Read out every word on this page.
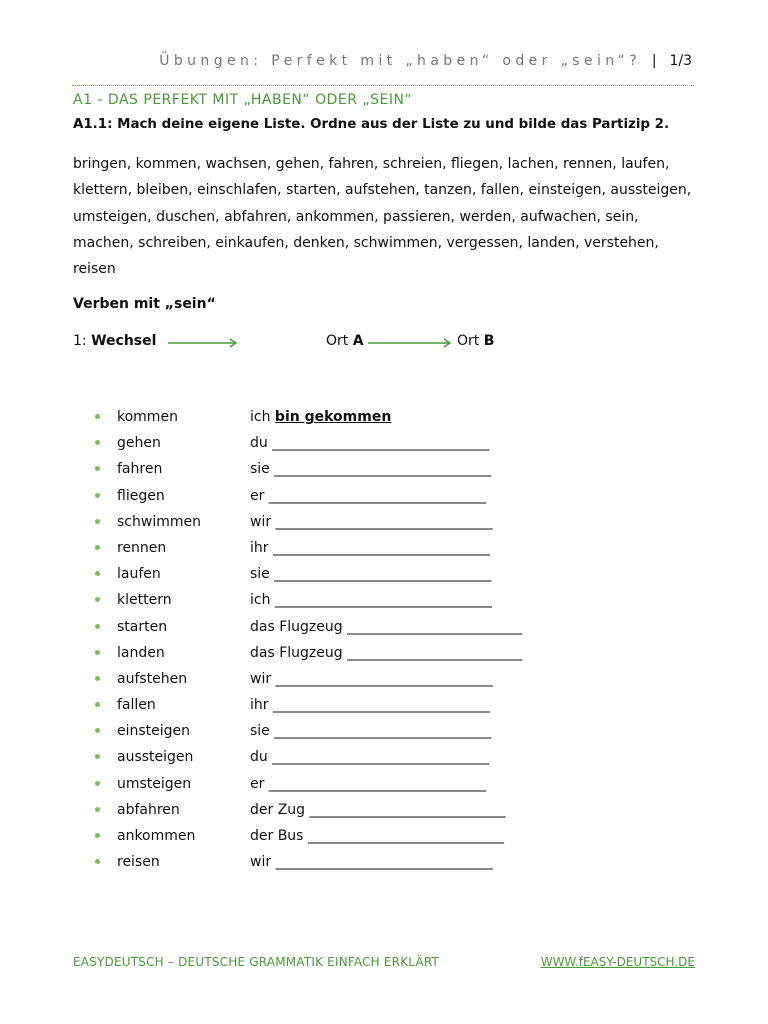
Übungen: Perfekt mit „haben“ oder „sein“? | 1/3
A1 - DAS PERFEKT MIT „HABEN“ ODER „SEIN“
A1.1: Mach deine eigene Liste. Ordne aus der Liste zu und bilde das Partizip 2.
bringen, kommen, wachsen, gehen, fahren, schreien, fliegen, lachen, rennen, laufen, klettern, bleiben, einschlafen, starten, aufstehen, tanzen, fallen, einsteigen, aussteigen, umsteigen, duschen, abfahren, ankommen, passieren, werden, aufwachen, sein, machen, schreiben, einkaufen, denken, schwimmen, vergessen, landen, verstehen, reisen
Verben mit „sein“
1: Wechsel	Ort A	Ort B
kommen	ich bin gekommen
gehen	du _______________________________
fahren	sie _______________________________
fliegen	er _______________________________
schwimmen	wir _______________________________
rennen	ihr _______________________________
laufen	sie _______________________________
klettern	ich _______________________________
starten	das Flugzeug _________________________
landen	das Flugzeug _________________________
aufstehen	wir _______________________________
fallen	ihr _______________________________
einsteigen	sie _______________________________
aussteigen	du _______________________________
umsteigen	er _______________________________
abfahren	der Zug ____________________________
ankommen	der Bus ____________________________
reisen	wir _______________________________
EASYDEUTSCH – DEUTSCHE GRAMMATIK EINFACH ERKLÄRT	WWW.fEASY-DEUTSCH.DE
